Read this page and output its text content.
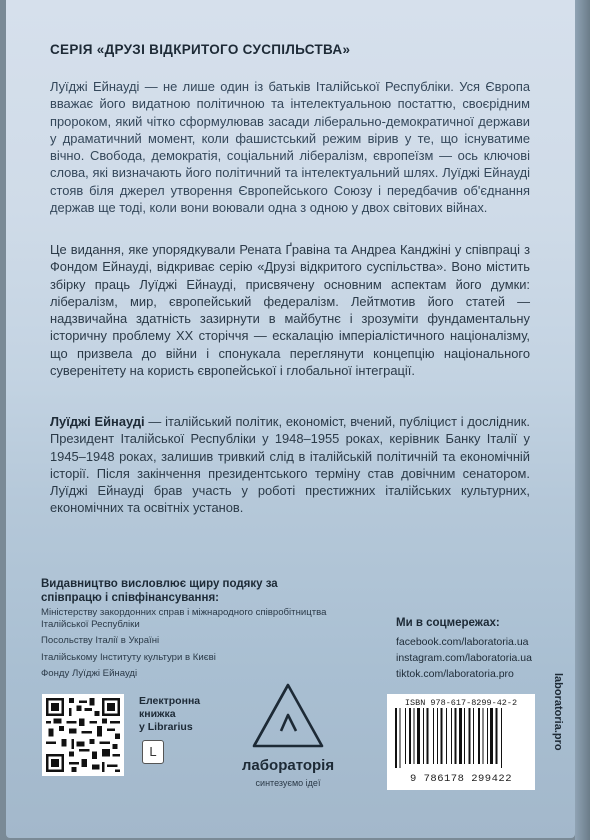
СЕРІЯ «ДРУЗІ ВІДКРИТОГО СУСПІЛЬСТВА»

Луїджі Ейнауді — не лише один із батьків Італійської Республіки. Уся Європа вважає його видатною політичною та інтелектуальною постаттю, своєрідним пророком, який чітко сформулював засади ліберально-демократичної держави у драматичний момент, коли фашистський режим вірив у те, що існуватиме вічно. Свобода, демократія, соціальний лібералізм, європеїзм — ось ключові слова, які визначають його політичний та інтелектуальний шлях. Луїджі Ейнауді стояв біля джерел утворення Європейського Союзу і передбачив об'єднання держав ще тоді, коли вони воювали одна з одною у двох світових війнах.

Це видання, яке упорядкували Рената Ґравіна та Андреа Канджіні у співпраці з Фондом Ейнауді, відкриває серію «Друзі відкритого суспільства». Воно містить збірку праць Луїджі Ейнауді, присвячену основним аспектам його думки: лібералізм, мир, європейський федералізм. Лейтмотив його статей — надзвичайна здатність зазирнути в майбутнє і зрозуміти фундаментальну історичну проблему ХХ сторіччя — ескалацію імперіалістичного націоналізму, що призвела до війни і спонукала переглянути концепцію національного суверенітету на користь європейської і глобальної інтеграції.

Луїджі Ейнауді — італійський політик, економіст, вчений, публіцист і дослідник. Президент Італійської Республіки у 1948–1955 роках, керівник Банку Італії у 1945–1948 роках, залишив тривкий слід в італійській політичній та економічній історії. Після закінчення президентського терміну став довічним сенатором. Луїджі Ейнауді брав участь у роботі престижних італійських культурних, економічних та освітніх установ.

Видавництво висловлює щиру подяку за співпрацю і співфінансування:
Міністерству закордонних справ і міжнародного співробітництва Італійської Республіки
Посольству Італії в Україні
Італійському Інституту культури в Києві
Фонду Луїджі Ейнауді
Ми в соцмережах:
facebook.com/laboratoria.ua
instagram.com/laboratoria.ua
tiktok.com/laboratoria.pro
Електронна
книжка
у Librarius
L
лабораторія
синтезуємо ідеї
ISBN 978-617-8299-42-2
9 786178 299422
laboratoria.pro
